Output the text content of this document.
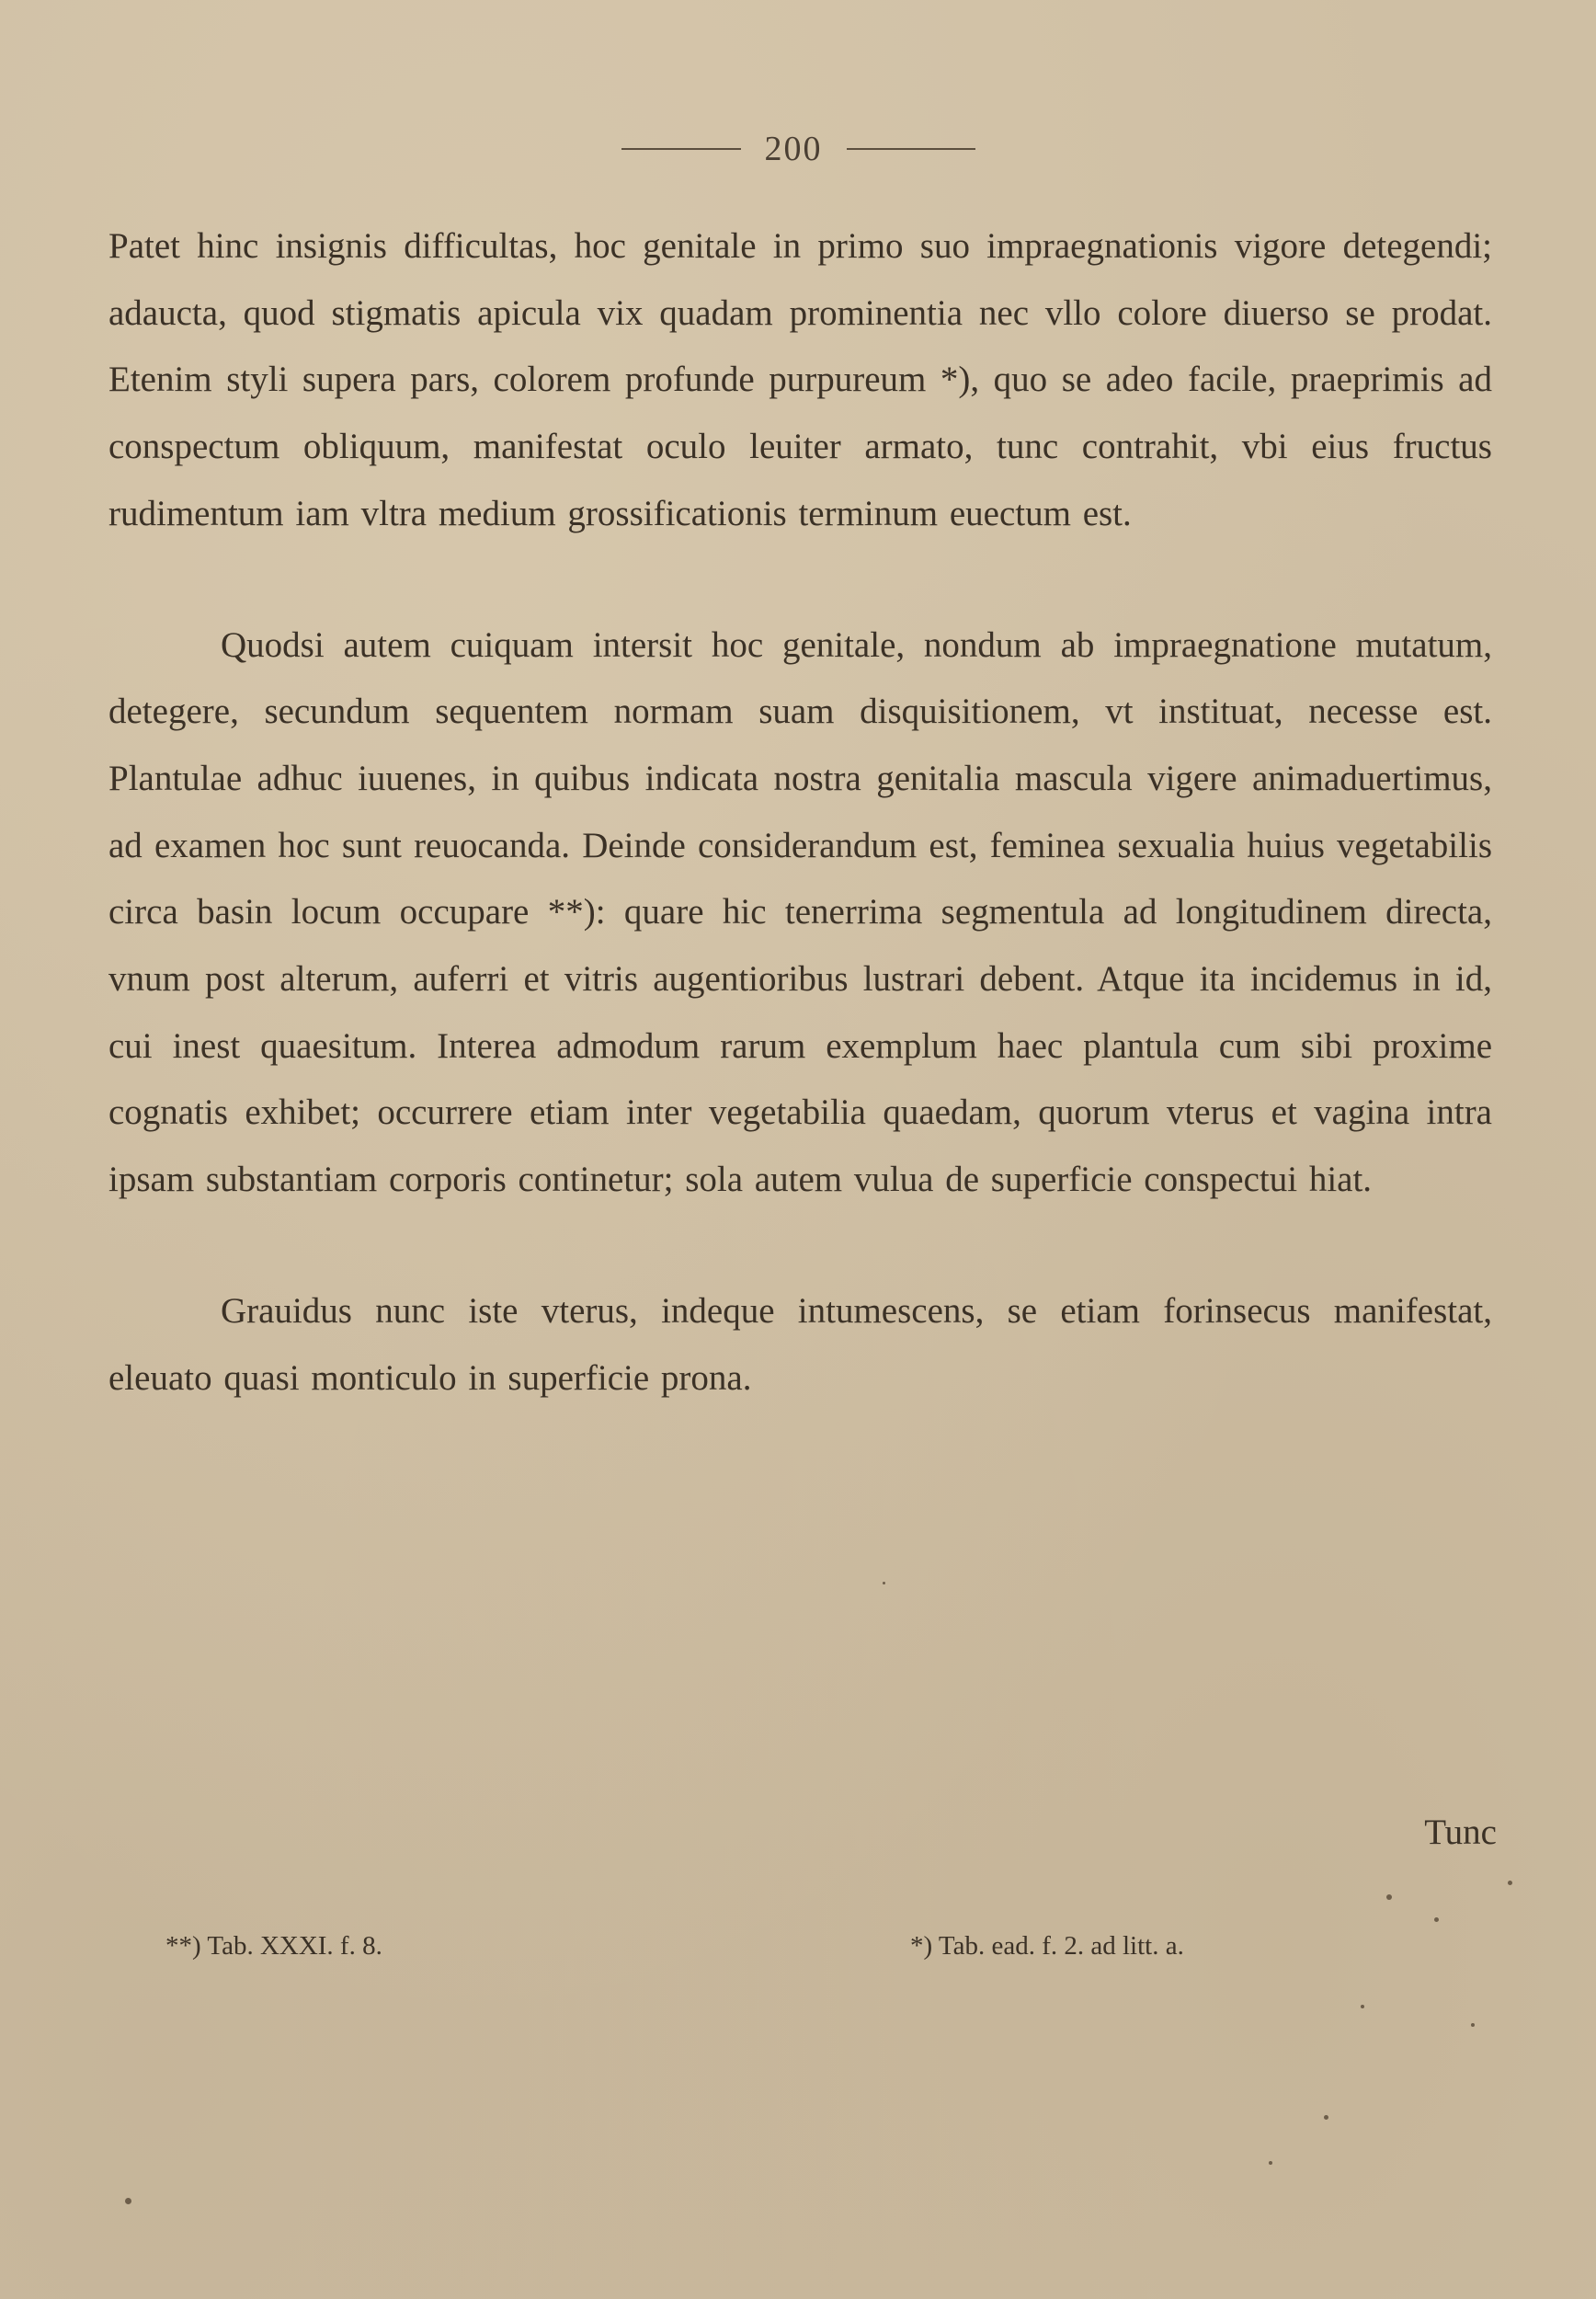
200

Patet hinc insignis difficultas, hoc genitale in primo suo impraegnationis vigore detegendi; adaucta, quod stigmatis apicula vix quadam prominentia nec vllo colore diuerso se prodat. Etenim styli supera pars, colorem profunde purpureum *), quo se adeo facile, praeprimis ad conspectum obliquum, manifestat oculo leuiter armato, tunc contrahit, vbi eius fructus rudimentum iam vltra medium grossificationis terminum euectum est.

Quodsi autem cuiquam intersit hoc genitale, nondum ab impraegnatione mutatum, detegere, secundum sequentem normam suam disquisitionem, vt instituat, necesse est. Plantulae adhuc iuuenes, in quibus indicata nostra genitalia mascula vigere animaduertimus, ad examen hoc sunt reuocanda. Deinde considerandum est, feminea sexualia huius vegetabilis circa basin locum occupare **): quare hic tenerrima segmentula ad longitudinem directa, vnum post alterum, auferri et vitris augentioribus lustrari debent. Atque ita incidemus in id, cui inest quaesitum. Interea admodum rarum exemplum haec plantula cum sibi proxime cognatis exhibet; occurrere etiam inter vegetabilia quaedam, quorum vterus et vagina intra ipsam substantiam corporis continetur; sola autem vulua de superficie conspectui hiat.

Grauidus nunc iste vterus, indeque intumescens, se etiam forinsecus manifestat, eleuato quasi monticulo in superficie prona.

Tunc
**) Tab. XXXI. f. 8.	*) Tab. ead. f. 2. ad litt. a.
